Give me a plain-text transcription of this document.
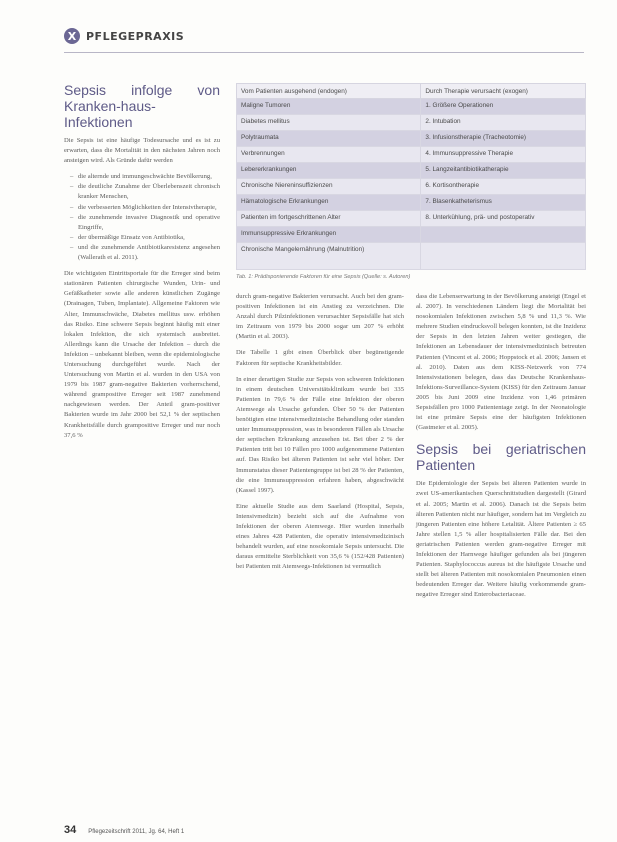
X PFLEGEPRAXIS
Sepsis infolge von Kranken-haus-Infektionen

Die Sepsis ist eine häufige Todesursache und es ist zu erwarten, dass die Mortalität in den nächsten Jahren noch ansteigen wird. Als Gründe dafür werden

– die alternde und immungeschwächte Bevölkerung,
– die deutliche Zunahme der Überlebenszeit chronisch kranker Menschen,
– die verbesserten Möglichkeiten der Intensivtherapie,
– die zunehmende invasive Diagnostik und operative Eingriffe,
– der übermäßige Einsatz von Antibiotika,
– und die zunehmende Antibiotikaresistenz angesehen (Wallerath et al. 2011).

Die wichtigsten Eintrittsportale für die Erreger sind beim stationären Patienten chirurgische Wunden, Urin- und Gefäßkatheter sowie alle anderen künstlichen Zugänge (Drainagen, Tuben, Implantate). Allgemeine Faktoren wie Alter, Immunschwäche, Diabetes mellitus usw. erhöhen das Risiko. Eine schwere Sepsis beginnt häufig mit einer lokalen Infektion, die sich systemisch ausbreitet. Allerdings kann die Ursache der Infektion – durch die Infektion – unbekannt bleiben, wenn die epidemiologische Untersuchung durchgeführt wurde. Nach der Untersuchung von Martin et al. wurden in den USA von 1979 bis 1987 gram-negative Bakterien vorherrschend, während grampositive Erreger seit 1987 zunehmend nachgewiesen werden. Der Anteil gram-positiver Bakterien wurde im Jahr 2000 bei 52,1 % der septischen Krankheitsfälle durch grampositive Erreger und nur noch 37,6 %

Vom Patienten ausgehend (endogen)	Durch Therapie verursacht (exogen)
Maligne Tumoren	1. Größere Operationen
Diabetes mellitus	2. Intubation
Polytraumata	3. Infusionstherapie (Tracheotomie)
Verbrennungen	4. Immunsuppressive Therapie
Lebererkrankungen	5. Langzeitantibiotikatherapie
Chronische Niereninsuffizienzen	6. Kortisontherapie
Hämatologische Erkrankungen	7. Blasenkatheterismus
Patienten im fortgeschrittenen Alter	8. Unterkühlung, prä- und postoperativ
Immunsuppressive Erkrankungen	
Chronische Mangelernährung (Malnutrition)	
Tab. 1: Prädisponierende Faktoren für eine Sepsis (Quelle: s. Autoren)

durch gram-negative Bakterien verursacht. Auch bei den gram-positiven Infektionen ist ein Anstieg zu verzeichnen. Die Anzahl durch Pilzinfektionen verursachter Sepsisfälle hat sich im Zeitraum von 1979 bis 2000 sogar um 207 % erhöht (Martin et al. 2003).

Die Tabelle 1 gibt einen Überblick über begünstigende Faktoren für septische Krankheitsbilder.

In einer derartigen Studie zur Sepsis von schweren Infektionen in einem deutschen Universitätsklinikum wurde bei 335 Patienten in 79,6 % der Fälle eine Infektion der oberen Atemwege als Ursache gefunden. Über 50 % der Patienten benötigten eine intensivmedizinische Behandlung oder standen unter Immunsuppression, was in besonderen Fällen als Ursache der septischen Erkrankung anzusehen ist. Bei über 2 % der Patienten tritt bei 10 Fällen pro 1000 aufgenommene Patienten auf. Das Risiko bei älteren Patienten ist sehr viel höher. Der Immunstatus dieser Patientengruppe ist bei 28 % der Patienten, die eine Immunsuppression erfahren haben, abgeschwächt (Kassel 1997).

Eine aktuelle Studie aus dem Saarland (Hospital, Sepsis, Intensivmedizin) bezieht sich auf die Aufnahme von Infektionen der oberen Atemwege. Hier wurden innerhalb eines Jahres 428 Patienten, die operativ intensivmedizinisch behandelt wurden, auf eine nosokomiale Sepsis untersucht. Die daraus ermittelte Sterblichkeit von 35,6 % (152/428 Patienten) bei Patienten mit Atemwegs-Infektionen ist vermutlich

dass die Lebenserwartung in der Bevölkerung ansteigt (Engel et al. 2007). In verschiedenen Ländern liegt die Mortalität bei nosokomialen Infektionen zwischen 5,8 % und 11,3 %. Wie mehrere Studien eindrucksvoll belegen konnten, ist die Inzidenz der Sepsis in den letzten Jahren weiter gestiegen, die Infektionen an Lebensdauer der intensivmedizinisch betreuten Patienten (Vincent et al. 2006; Hoppstock et al. 2006; Jansen et al. 2010). Daten aus dem KISS-Netzwerk von 774 Intensivstationen belegen, dass das Deutsche Krankenhaus-Infektions-Surveillance-System (KISS) für den Zeitraum Januar 2005 bis Juni 2009 eine Inzidenz von 1,46 primären Sepsisfällen pro 1000 Patiententage zeigt. In der Neonatologie ist eine primäre Sepsis eine der häufigsten Infektionen (Gastmeier et al. 2005).

Sepsis bei geriatrischen Patienten

Die Epidemiologie der Sepsis bei älteren Patienten wurde in zwei US-amerikanischen Querschnittstudien dargestellt (Girard et al. 2005; Martin et al. 2006). Danach ist die Sepsis beim älteren Patienten nicht nur häufiger, sondern hat im Vergleich zu jüngeren Patienten eine höhere Letalität. Ältere Patienten ≥ 65 Jahre stellen 1,5 % aller hospitalisierten Fälle dar. Bei den geriatrischen Patienten werden gram-negative Erreger mit Infektionen der Harnwege häufiger gefunden als bei jüngeren Patienten. Staphylococcus aureus ist die häufigste Ursache und stellt bei älteren Patienten mit nosokomialen Pneumonien einen bedeutenden Erreger dar. Weitere häufig vorkommende gram-negative Erreger sind Enterobacteriaceae.

34 Pflegezeitschrift 2011, Jg. 64, Heft 1
